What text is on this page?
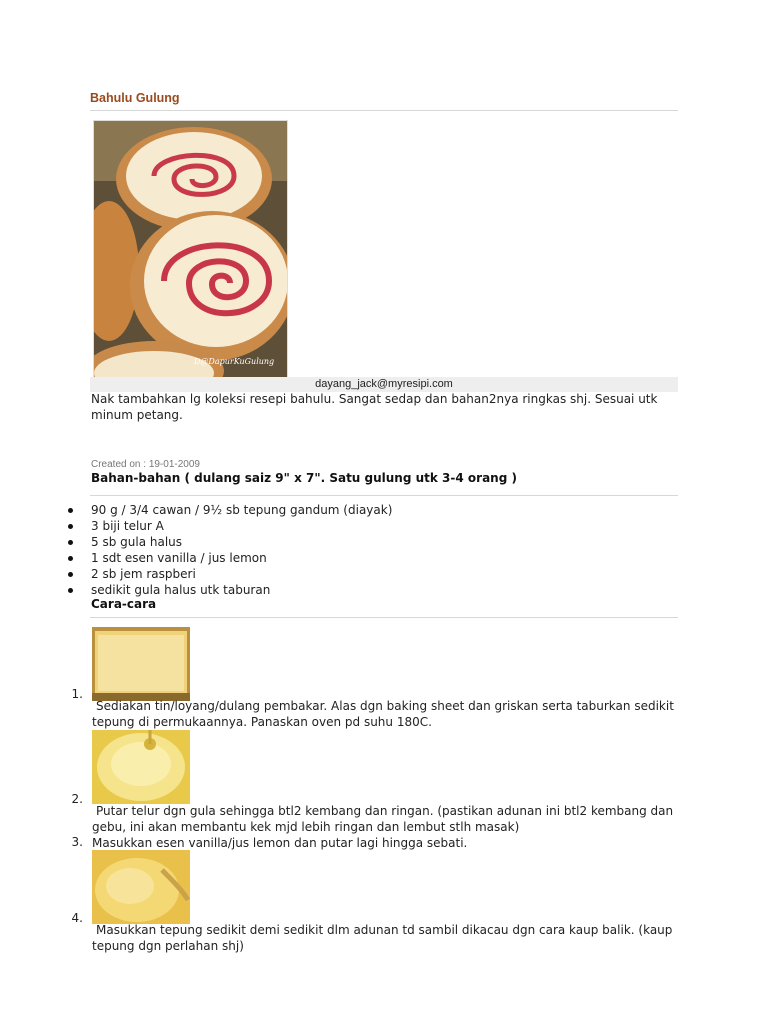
Bahulu Gulung
D@DapurKuGulung
dayang_jack@myresipi.com
Nak tambahkan lg koleksi resepi bahulu. Sangat sedap dan bahan2nya ringkas shj. Sesuai utk minum petang.
Created on : 19-01-2009
Bahan-bahan ( dulang saiz 9" x 7". Satu gulung utk 3-4 orang )
90 g / 3/4 cawan / 9½ sb tepung gandum (diayak)
3 biji telur A
5 sb gula halus
1 sdt esen vanilla / jus lemon
2 sb jem raspberi
sedikit gula halus utk taburan
Cara-cara
1.
Sediakan tin/loyang/dulang pembakar. Alas dgn baking sheet dan griskan serta taburkan sedikit tepung di permukaannya. Panaskan oven pd suhu 180C.
2.
Putar telur dgn gula sehingga btl2 kembang dan ringan. (pastikan adunan ini btl2 kembang dan gebu, ini akan membantu kek mjd lebih ringan dan lembut stlh masak)
3. Masukkan esen vanilla/jus lemon dan putar lagi hingga sebati.
4.
Masukkan tepung sedikit demi sedikit dlm adunan td sambil dikacau dgn cara kaup balik. (kaup tepung dgn perlahan shj)
